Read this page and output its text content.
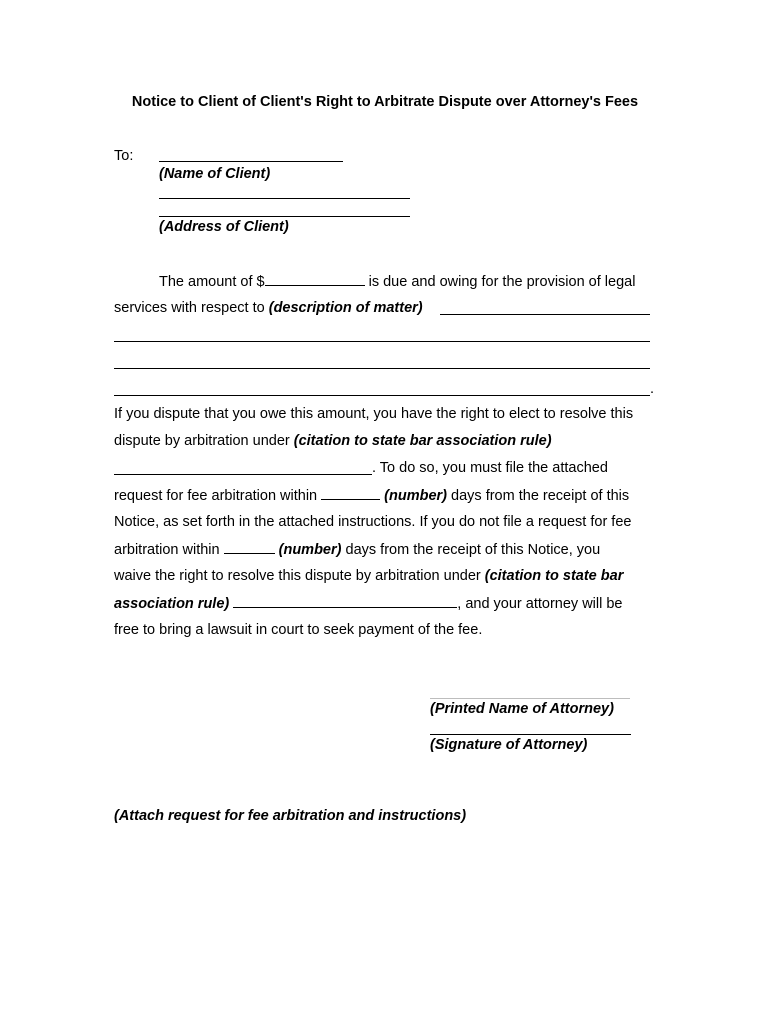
Notice to Client of Client's Right to Arbitrate Dispute over Attorney's Fees
To:
(Name of Client)
(Address of Client)
The amount of $	is due and owing for the provision of legal
services with respect to (description of matter)
.
If you dispute that you owe this amount, you have the right to elect to resolve this
dispute by arbitration under (citation to state bar association rule)
. To do so, you must file the attached
request for fee arbitration within	(number) days from the receipt of this
Notice, as set forth in the attached instructions. If you do not file a request for fee
arbitration within	(number) days from the receipt of this Notice, you
waive the right to resolve this dispute by arbitration under (citation to state bar
association rule)	, and your attorney will be
free to bring a lawsuit in court to seek payment of the fee.
(Printed Name of Attorney)
(Signature of Attorney)
(Attach request for fee arbitration and instructions)
